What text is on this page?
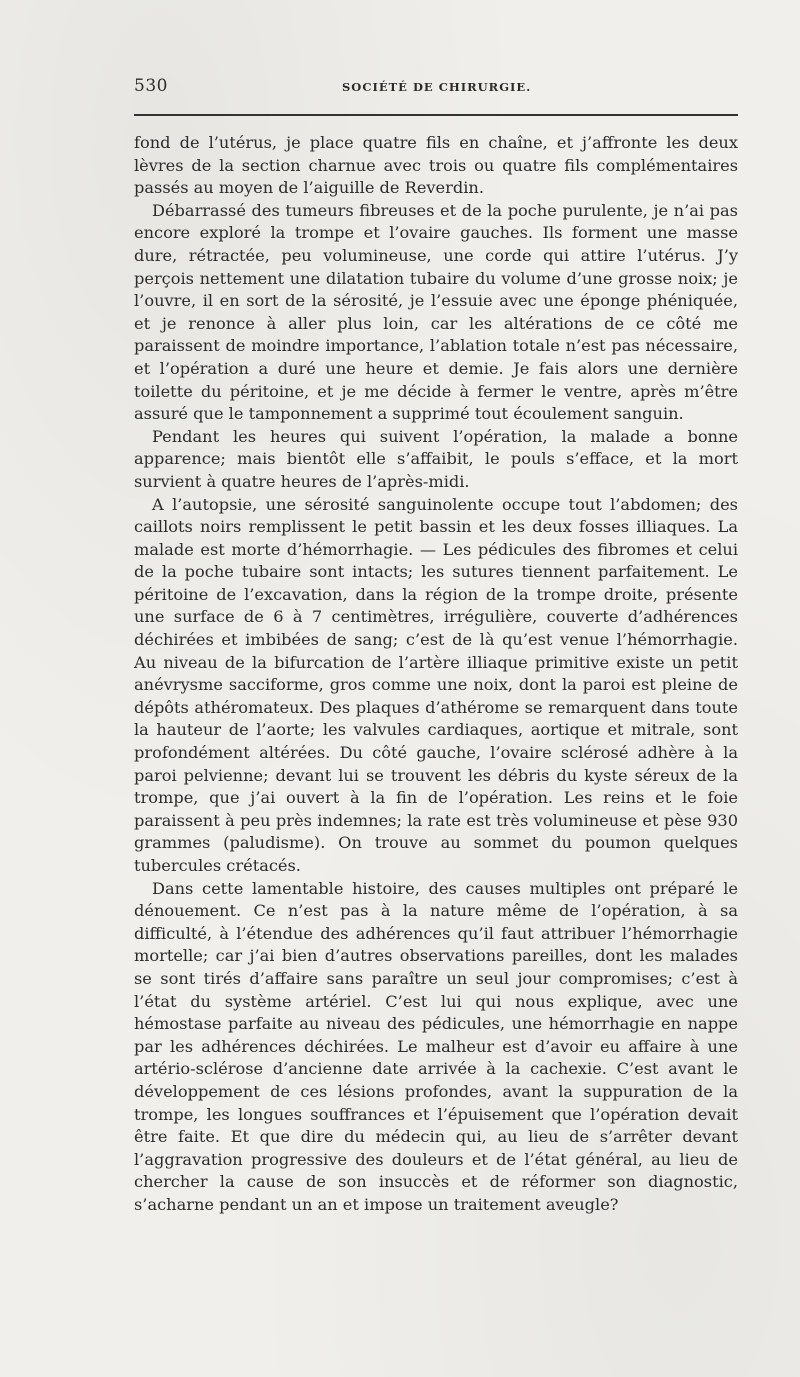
530	SOCIÉTÉ DE CHIRURGIE.

fond de l’utérus, je place quatre fils en chaîne, et j’affronte les deux lèvres de la section charnue avec trois ou quatre fils complémentaires passés au moyen de l’aiguille de Reverdin.

Débarrassé des tumeurs fibreuses et de la poche purulente, je n’ai pas encore exploré la trompe et l’ovaire gauches. Ils forment une masse dure, rétractée, peu volumineuse, une corde qui attire l’utérus. J’y perçois nettement une dilatation tubaire du volume d’une grosse noix; je l’ouvre, il en sort de la sérosité, je l’essuie avec une éponge phéniquée, et je renonce à aller plus loin, car les altérations de ce côté me paraissent de moindre importance, l’ablation totale n’est pas nécessaire, et l’opération a duré une heure et demie. Je fais alors une dernière toilette du péritoine, et je me décide à fermer le ventre, après m’être assuré que le tamponnement a supprimé tout écoulement sanguin.

Pendant les heures qui suivent l’opération, la malade a bonne apparence; mais bientôt elle s’affaibit, le pouls s’efface, et la mort survient à quatre heures de l’après-midi.

A l’autopsie, une sérosité sanguinolente occupe tout l’abdomen; des caillots noirs remplissent le petit bassin et les deux fosses illiaques. La malade est morte d’hémorrhagie. — Les pédicules des fibromes et celui de la poche tubaire sont intacts; les sutures tiennent parfaitement. Le péritoine de l’excavation, dans la région de la trompe droite, présente une surface de 6 à 7 centimètres, irrégulière, couverte d’adhérences déchirées et imbibées de sang; c’est de là qu’est venue l’hémorrhagie. Au niveau de la bifurcation de l’artère illiaque primitive existe un petit anévrysme sacciforme, gros comme une noix, dont la paroi est pleine de dépôts athéromateux. Des plaques d’athérome se remarquent dans toute la hauteur de l’aorte; les valvules cardiaques, aortique et mitrale, sont profondément altérées. Du côté gauche, l’ovaire sclérosé adhère à la paroi pelvienne; devant lui se trouvent les débris du kyste séreux de la trompe, que j’ai ouvert à la fin de l’opération. Les reins et le foie paraissent à peu près indemnes; la rate est très volumineuse et pèse 930 grammes (paludisme). On trouve au sommet du poumon quelques tubercules crétacés.

Dans cette lamentable histoire, des causes multiples ont préparé le dénouement. Ce n’est pas à la nature même de l’opération, à sa difficulté, à l’étendue des adhérences qu’il faut attribuer l’hémorrhagie mortelle; car j’ai bien d’autres observations pareilles, dont les malades se sont tirés d’affaire sans paraître un seul jour compromises; c’est à l’état du système artériel. C’est lui qui nous explique, avec une hémostase parfaite au niveau des pédicules, une hémorrhagie en nappe par les adhérences déchirées. Le malheur est d’avoir eu affaire à une artério-sclérose d’ancienne date arrivée à la cachexie. C’est avant le développement de ces lésions profondes, avant la suppuration de la trompe, les longues souffrances et l’épuisement que l’opération devait être faite. Et que dire du médecin qui, au lieu de s’arrêter devant l’aggravation progressive des douleurs et de l’état général, au lieu de chercher la cause de son insuccès et de réformer son diagnostic, s’acharne pendant un an et impose un traitement aveugle?
